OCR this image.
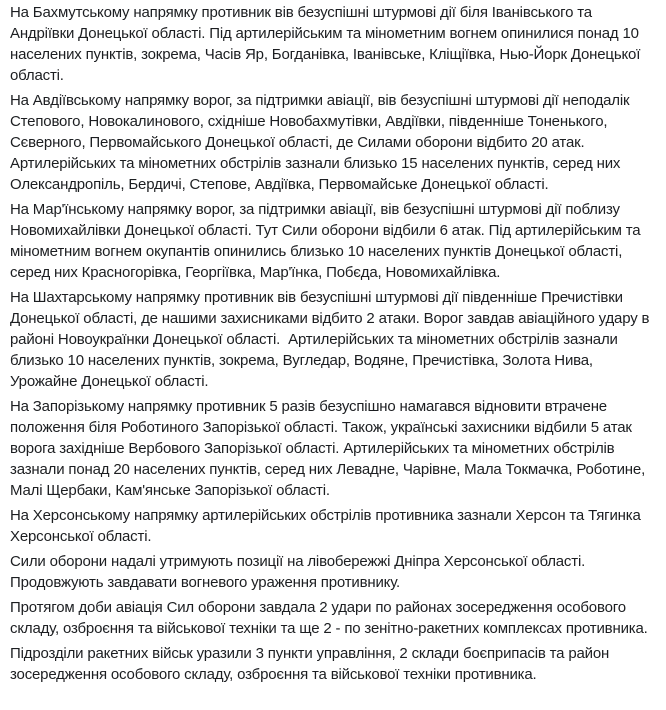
На Бахмутському напрямку противник вів безуспішні штурмові дії біля Іванівського та Андріївки Донецької області. Під артилерійським та мінометним вогнем опинилися понад 10 населених пунктів, зокрема, Часів Яр, Богданівка, Іванівське, Кліщіївка, Нью-Йорк Донецької області.

На Авдіївському напрямку ворог, за підтримки авіації, вів безуспішні штурмові дії неподалік Степового, Новокалинового, східніше Новобахмутівки, Авдіївки, південніше Тоненького, Сєверного, Первомайського Донецької області, де Силами оборони відбито 20 атак. Артилерійських та мінометних обстрілів зазнали близько 15 населених пунктів, серед них Олександропіль, Бердичі, Степове, Авдіївка, Первомайське Донецької області.

На Мар'їнському напрямку ворог, за підтримки авіації, вів безуспішні штурмові дії поблизу Новомихайлівки Донецької області. Тут Сили оборони відбили 6 атак. Під артилерійським та мінометним вогнем окупантів опинились близько 10 населених пунктів Донецької області, серед них Красногорівка, Георгіївка, Мар'їнка, Побєда, Новомихайлівка.

На Шахтарському напрямку противник вів безуспішні штурмові дії південніше Пречистівки Донецької області, де нашими захисниками відбито 2 атаки. Ворог завдав авіаційного удару в районі Новоукраїнки Донецької області.  Артилерійських та мінометних обстрілів зазнали близько 10 населених пунктів, зокрема, Вугледар, Водяне, Пречистівка, Золота Нива, Урожайне Донецької області.

На Запорізькому напрямку противник 5 разів безуспішно намагався відновити втрачене положення біля Роботиного Запорізької області. Також, українські захисники відбили 5 атак ворога західніше Вербового Запорізької області. Артилерійських та мінометних обстрілів зазнали понад 20 населених пунктів, серед них Левадне, Чарівне, Мала Токмачка, Роботине, Малі Щербаки, Кам'янське Запорізької області.

На Херсонському напрямку артилерійських обстрілів противника зазнали Херсон та Тягинка Херсонської області.

Сили оборони надалі утримують позиції на лівобережжі Дніпра Херсонської області. Продовжують завдавати вогневого ураження противнику.

Протягом доби авіація Сил оборони завдала 2 удари по районах зосередження особового складу, озброєння та військової техніки та ще 2 - по зенітно-ракетних комплексах противника.

Підрозділи ракетних військ уразили 3 пункти управління, 2 склади боєприпасів та район зосередження особового складу, озброєння та військової техніки противника.
